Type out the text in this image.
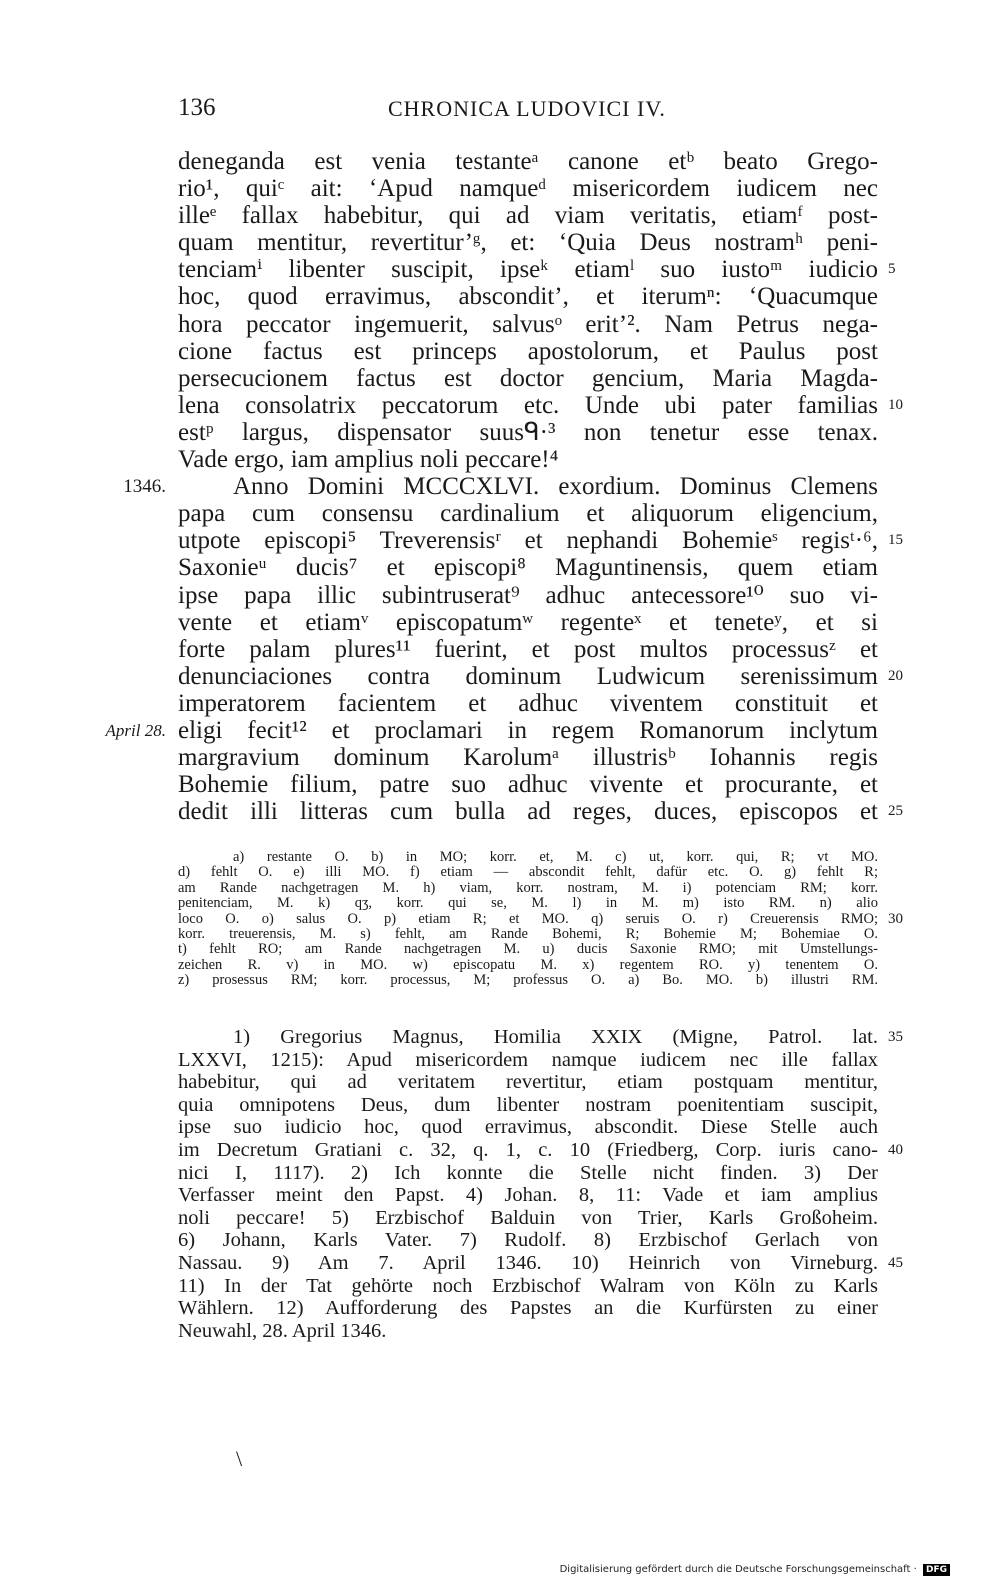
136	CHRONICA LUDOVICI IV.
deneganda est venia testanteᵃ canone etᵇ beato Grego-
rio¹, quiᶜ ait: ‘Apud namqueᵈ misericordem iudicem nec
illeᵉ fallax habebitur, qui ad viam veritatis, etiamᶠ post-
quam mentitur, revertitur’ᵍ, et: ‘Quia Deus nostramʰ peni-
tenciamⁱ libenter suscipit, ipseᵏ etiamˡ suo iustoᵐ iudicio 5
hoc, quod erravimus, abscondit’, et iterumⁿ: ‘Quacumque
hora peccator ingemuerit, salvusᵒ erit’². Nam Petrus nega-
cione factus est princeps apostolorum, et Paulus post
persecucionem factus est doctor gencium, Maria Magda-
lena consolatrix peccatorum etc. Unde ubi pater familias 10
estᵖ largus, dispensator suusᑫ·³ non tenetur esse tenax.
Vade ergo, iam amplius noli peccare!⁴
Anno Domini MCCCXLVI. exordium. Dominus Clemens
1346.
papa cum consensu cardinalium et aliquorum eligencium,
utpote episcopi⁵ Treverensisʳ et nephandi Bohemieˢ regisᵗ·⁶, 15
Saxonieᵘ ducis⁷ et episcopi⁸ Maguntinensis, quem etiam
ipse papa illic subintruserat⁹ adhuc antecessore¹⁰ suo vi-
vente et etiamᵛ episcopatumʷ regenteˣ et teneteʸ, et si
forte palam plures¹¹ fuerint, et post multos processusᶻ et
denunciaciones contra dominum Ludwicum serenissimum 20
imperatorem facientem et adhuc viventem constituit et
eligi fecit¹² et proclamari in regem Romanorum inclytum
April 28.
margravium dominum Karolumᵃ illustrisᵇ Iohannis regis
Bohemie filium, patre suo adhuc vivente et procurante, et
dedit illi litteras cum bulla ad reges, duces, episcopos et 25
a) restante O. b) in MO; korr. et, M. c) ut, korr. qui, R; vt MO.
d) fehlt O. e) illi MO. f) etiam — abscondit fehlt, dafür etc. O. g) fehlt R;
am Rande nachgetragen M. h) viam, korr. nostram, M. i) potenciam RM; korr.
penitenciam, M. k) qʒ, korr. qui se, M. l) in M. m) isto RM. n) alio
loco O. o) salus O. p) etiam R; et MO. q) seruis O. r) Creuerensis RMO; 30
korr. treuerensis, M. s) fehlt, am Rande Bohemi, R; Bohemie M; Bohemiae O.
t) fehlt RO; am Rande nachgetragen M. u) ducis Saxonie RMO; mit Umstellungs-
zeichen R. v) in MO. w) episcopatu M. x) regentem RO. y) tenentem O.
z) prosessus RM; korr. processus, M; professus O. a) Bo. MO. b) illustri RM.
1) Gregorius Magnus, Homilia XXIX (Migne, Patrol. lat. 35
LXXVI, 1215): Apud misericordem namque iudicem nec ille fallax
habebitur, qui ad veritatem revertitur, etiam postquam mentitur,
quia omnipotens Deus, dum libenter nostram poenitentiam suscipit,
ipse suo iudicio hoc, quod erravimus, abscondit. Diese Stelle auch
im Decretum Gratiani c. 32, q. 1, c. 10 (Friedberg, Corp. iuris cano- 40
nici I, 1117). 2) Ich konnte die Stelle nicht finden. 3) Der
Verfasser meint den Papst. 4) Johan. 8, 11: Vade et iam amplius
noli peccare! 5) Erzbischof Balduin von Trier, Karls Großoheim.
6) Johann, Karls Vater. 7) Rudolf. 8) Erzbischof Gerlach von
Nassau. 9) Am 7. April 1346. 10) Heinrich von Virneburg. 45
11) In der Tat gehörte noch Erzbischof Walram von Köln zu Karls
Wählern. 12) Aufforderung des Papstes an die Kurfürsten zu einer
Neuwahl, 28. April 1346.
\
Digitalisierung gefördert durch die Deutsche Forschungsgemeinschaft · DFG
